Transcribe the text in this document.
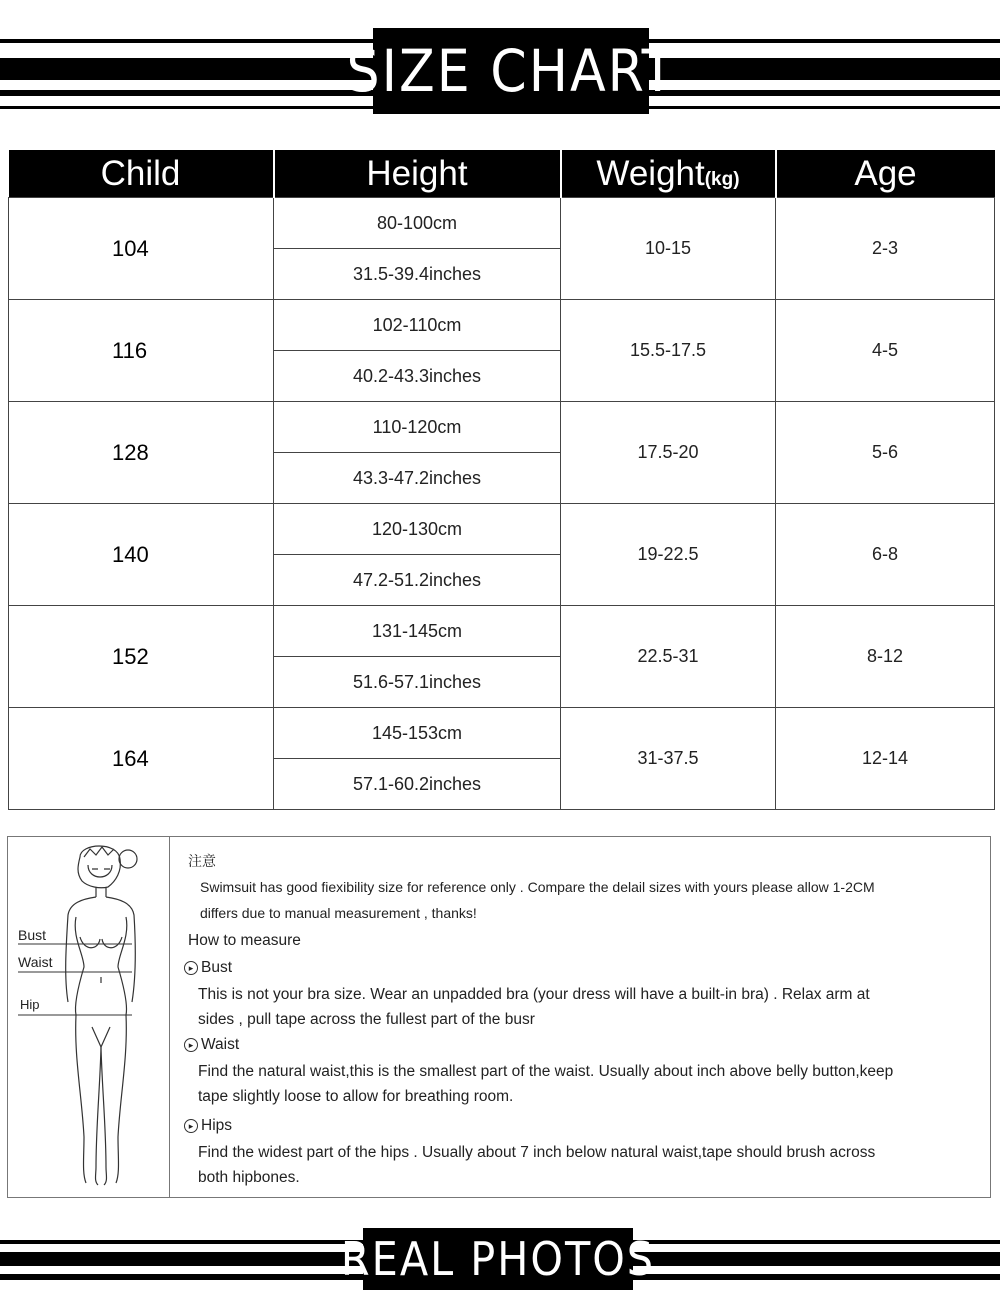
SIZE CHART
Child	Height	Weight(kg)	Age
104	80-100cm	10-15	2-3
	31.5-39.4inches		
116	102-110cm	15.5-17.5	4-5
	40.2-43.3inches		
128	110-120cm	17.5-20	5-6
	43.3-47.2inches		
140	120-130cm	19-22.5	6-8
	47.2-51.2inches		
152	131-145cm	22.5-31	8-12
	51.6-57.1inches		
164	145-153cm	31-37.5	12-14
	57.1-60.2inches		
Bust
Waist
Hip
注意
Swimsuit has good fiexibility size for reference only . Compare the delail sizes with yours please allow 1-2CM
differs due to manual measurement , thanks!
How to measure
▸ Bust
This is not your bra size. Wear an unpadded bra (your dress will have a built-in bra) . Relax arm at
sides , pull tape across the fullest part of the busr
▸ Waist
Find the natural waist,this is the smallest part of the waist. Usually about inch above belly button,keep
tape slightly loose to allow for breathing room.
▸ Hips
Find the widest part of the hips . Usually about 7 inch below natural waist,tape should brush across
both hipbones.
REAL PHOTOS
